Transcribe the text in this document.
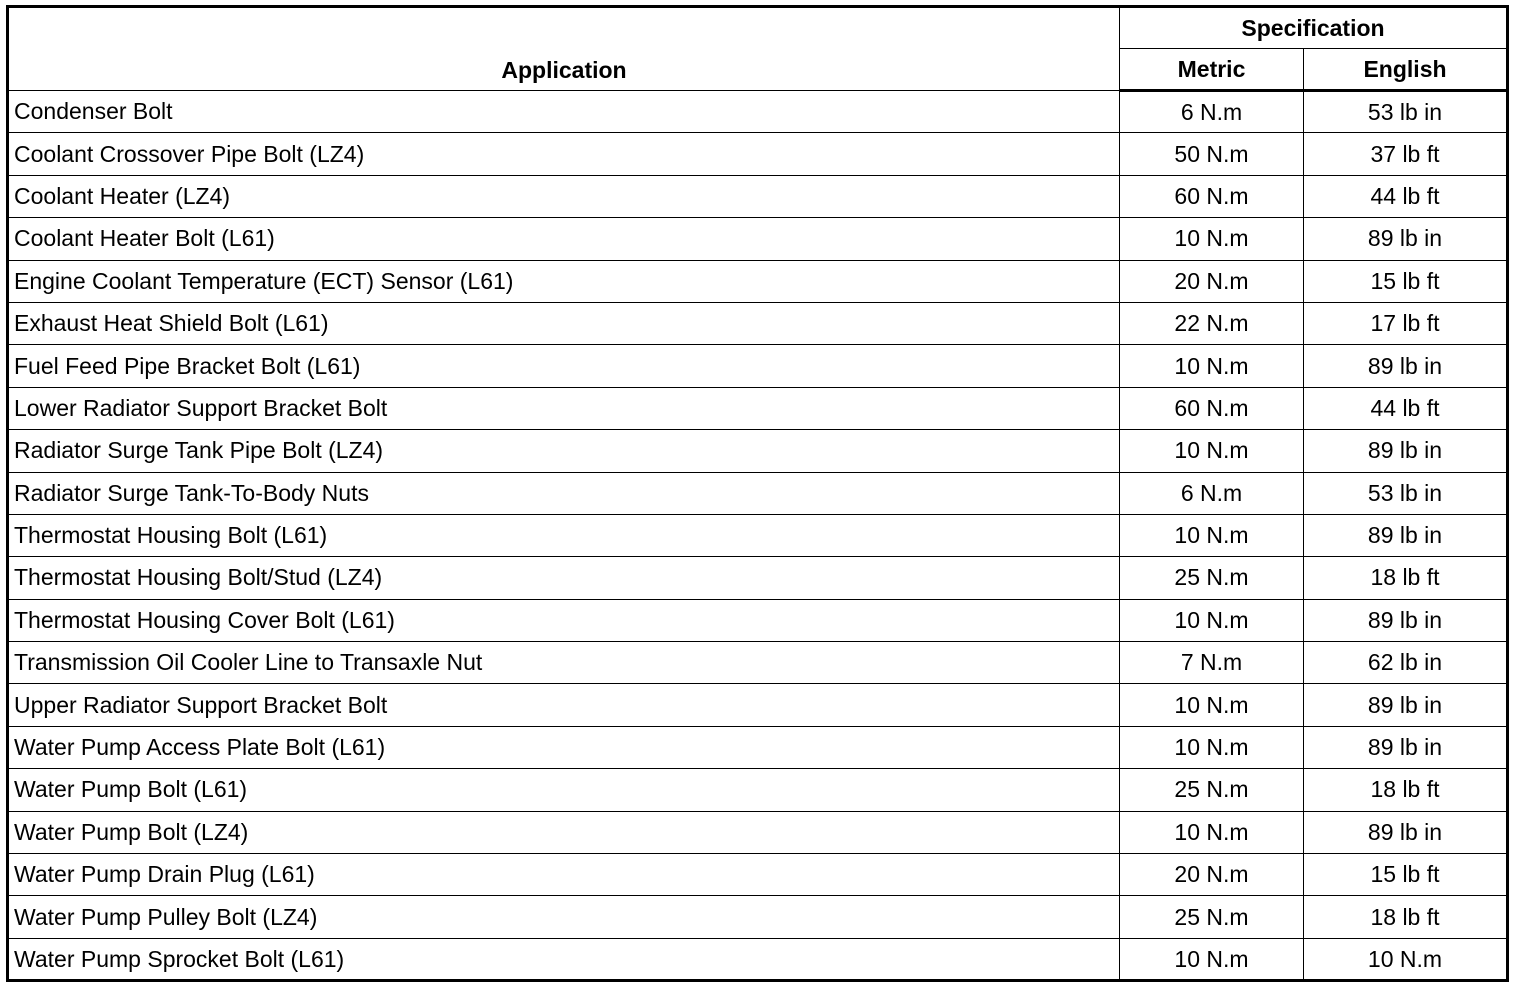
Application	Specification	
	Metric	English
Condenser Bolt	6 N.m	53 lb in
Coolant Crossover Pipe Bolt (LZ4)	50 N.m	37 lb ft
Coolant Heater (LZ4)	60 N.m	44 lb ft
Coolant Heater Bolt (L61)	10 N.m	89 lb in
Engine Coolant Temperature (ECT) Sensor (L61)	20 N.m	15 lb ft
Exhaust Heat Shield Bolt (L61)	22 N.m	17 lb ft
Fuel Feed Pipe Bracket Bolt (L61)	10 N.m	89 lb in
Lower Radiator Support Bracket Bolt	60 N.m	44 lb ft
Radiator Surge Tank Pipe Bolt (LZ4)	10 N.m	89 lb in
Radiator Surge Tank-To-Body Nuts	6 N.m	53 lb in
Thermostat Housing Bolt (L61)	10 N.m	89 lb in
Thermostat Housing Bolt/Stud (LZ4)	25 N.m	18 lb ft
Thermostat Housing Cover Bolt (L61)	10 N.m	89 lb in
Transmission Oil Cooler Line to Transaxle Nut	7 N.m	62 lb in
Upper Radiator Support Bracket Bolt	10 N.m	89 lb in
Water Pump Access Plate Bolt (L61)	10 N.m	89 lb in
Water Pump Bolt (L61)	25 N.m	18 lb ft
Water Pump Bolt (LZ4)	10 N.m	89 lb in
Water Pump Drain Plug (L61)	20 N.m	15 lb ft
Water Pump Pulley Bolt (LZ4)	25 N.m	18 lb ft
Water Pump Sprocket Bolt (L61)	10 N.m	10 N.m
